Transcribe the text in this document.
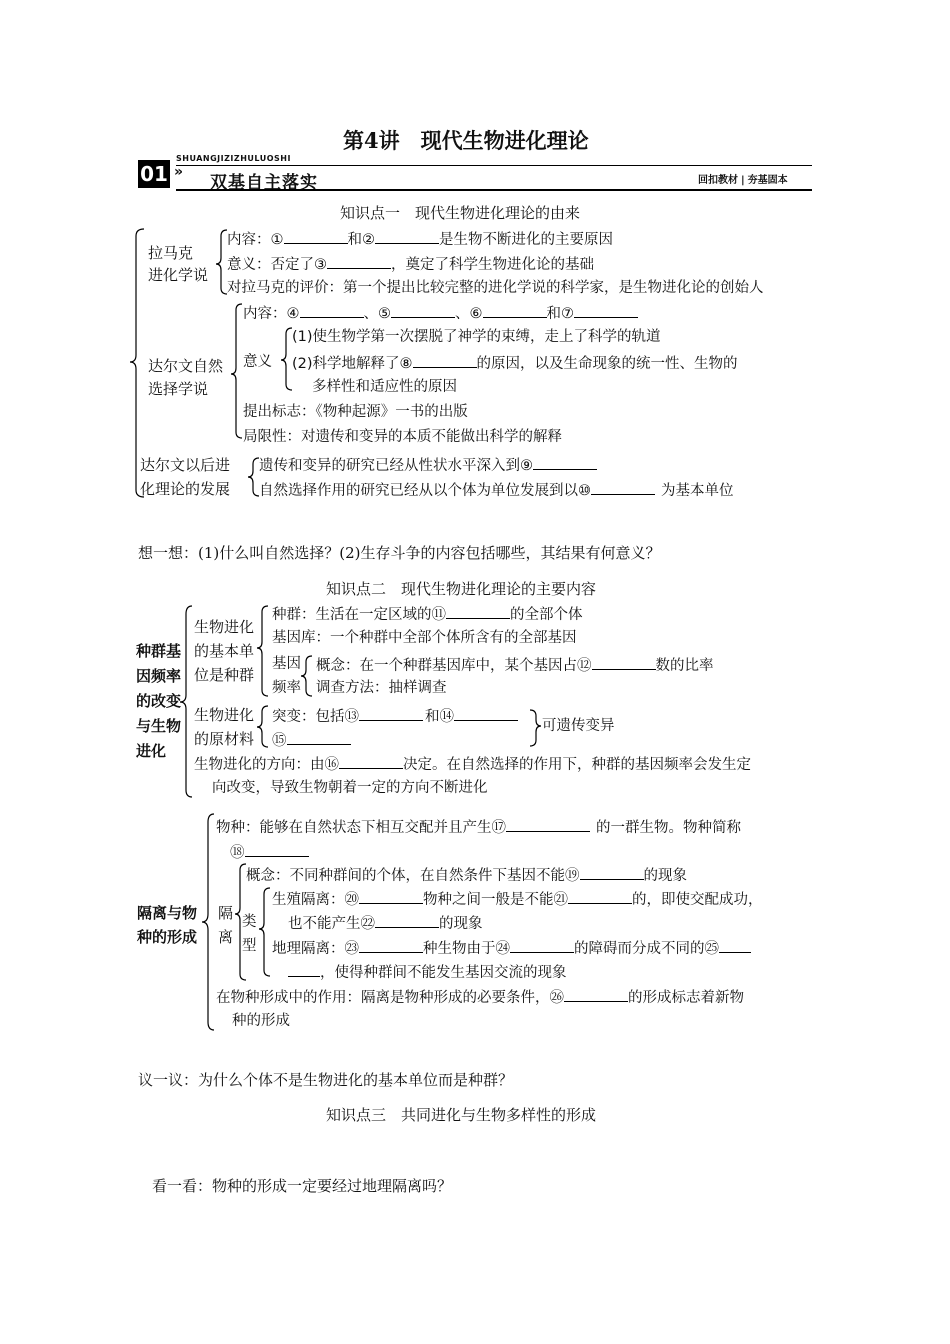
第4讲　现代生物进化理论
SHUANGJIZIZHULUOSHI
01 »
双基自主落实	回扣教材 | 夯基固本
知识点一　现代生物进化理论的由来
拉马克
进化学说
内容：①	和②	是生物不断进化的主要原因
意义：否定了③	，奠定了科学生物进化论的基础
对拉马克的评价：第一个提出比较完整的进化学说的科学家，是生物进化论的创始人
达尔文自然
选择学说
内容：④	、⑤	、⑥	和⑦
意义
(1)使生物学第一次摆脱了神学的束缚，走上了科学的轨道
(2)科学地解释了⑧	的原因，以及生命现象的统一性、生物的
多样性和适应性的原因
提出标志：《物种起源》一书的出版
局限性：对遗传和变异的本质不能做出科学的解释
达尔文以后进
化理论的发展
遗传和变异的研究已经从性状水平深入到⑨
自然选择作用的研究已经从以个体为单位发展到以⑩	为基本单位
想一想：(1)什么叫自然选择？(2)生存斗争的内容包括哪些，其结果有何意义？
知识点二　现代生物进化理论的主要内容
种群基
因频率
的改变
与生物
进化
生物进化
的基本单
位是种群
种群：生活在一定区域的⑪	的全部个体
基因库：一个种群中全部个体所含有的全部基因
基因
频率
概念：在一个种群基因库中，某个基因占⑫	数的比率
调查方法：抽样调查
生物进化
的原材料
突变：包括⑬	和⑭
⑮
可遗传变异
生物进化的方向：由⑯	决定。在自然选择的作用下，种群的基因频率会发生定
向改变，导致生物朝着一定的方向不断进化
隔离与物
种的形成
物种：能够在自然状态下相互交配并且产生⑰	的一群生物。物种简称
⑱
隔
离
概念：不同种群间的个体，在自然条件下基因不能⑲	的现象
类
型
生殖隔离：⑳	物种之间一般是不能㉑	的，即使交配成功，
也不能产生㉒	的现象
地理隔离：㉓	种生物由于㉔	的障碍而分成不同的㉕
，使得种群间不能发生基因交流的现象
在物种形成中的作用：隔离是物种形成的必要条件，㉖	的形成标志着新物
种的形成
议一议：为什么个体不是生物进化的基本单位而是种群？
知识点三　共同进化与生物多样性的形成
看一看：物种的形成一定要经过地理隔离吗？
